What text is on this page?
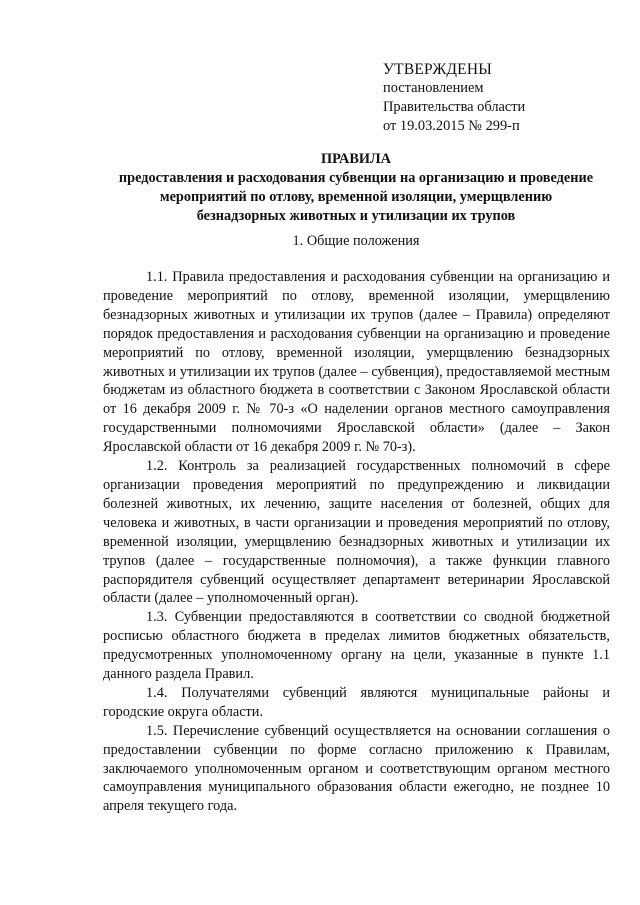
УТВЕРЖДЕНЫ
постановлением
Правительства области
от 19.03.2015 № 299-п
ПРАВИЛА
предоставления и расходования субвенции на организацию и проведение
мероприятий по отлову, временной изоляции, умерщвлению
безнадзорных животных и утилизации их трупов
1. Общие положения

1.1. Правила предоставления и расходования субвенции на организацию и проведение мероприятий по отлову, временной изоляции, умерщвлению безнадзорных животных и утилизации их трупов (далее – Правила) определяют порядок предоставления и расходования субвенции на организацию и проведение мероприятий по отлову, временной изоляции, умерщвлению безнадзорных животных и утилизации их трупов (далее – субвенция), предоставляемой местным бюджетам из областного бюджета в соответствии с Законом Ярославской области от 16 декабря 2009 г. № 70-з «О наделении органов местного самоуправления государственными полномочиями Ярославской области» (далее – Закон Ярославской области от 16 декабря 2009 г. № 70-з).

1.2. Контроль за реализацией государственных полномочий в сфере организации проведения мероприятий по предупреждению и ликвидации болезней животных, их лечению, защите населения от болезней, общих для человека и животных, в части организации и проведения мероприятий по отлову, временной изоляции, умерщвлению безнадзорных животных и утилизации их трупов (далее – государственные полномочия), а также функции главного распорядителя субвенций осуществляет департамент ветеринарии Ярославской области (далее – уполномоченный орган).

1.3. Субвенции предоставляются в соответствии со сводной бюджетной росписью областного бюджета в пределах лимитов бюджетных обязательств, предусмотренных уполномоченному органу на цели, указанные в пункте 1.1 данного раздела Правил.

1.4. Получателями субвенций являются муниципальные районы и городские округа области.

1.5. Перечисление субвенций осуществляется на основании соглашения о предоставлении субвенции по форме согласно приложению к Правилам, заключаемого уполномоченным органом и соответствующим органом местного самоуправления муниципального образования области ежегодно, не позднее 10 апреля текущего года.
